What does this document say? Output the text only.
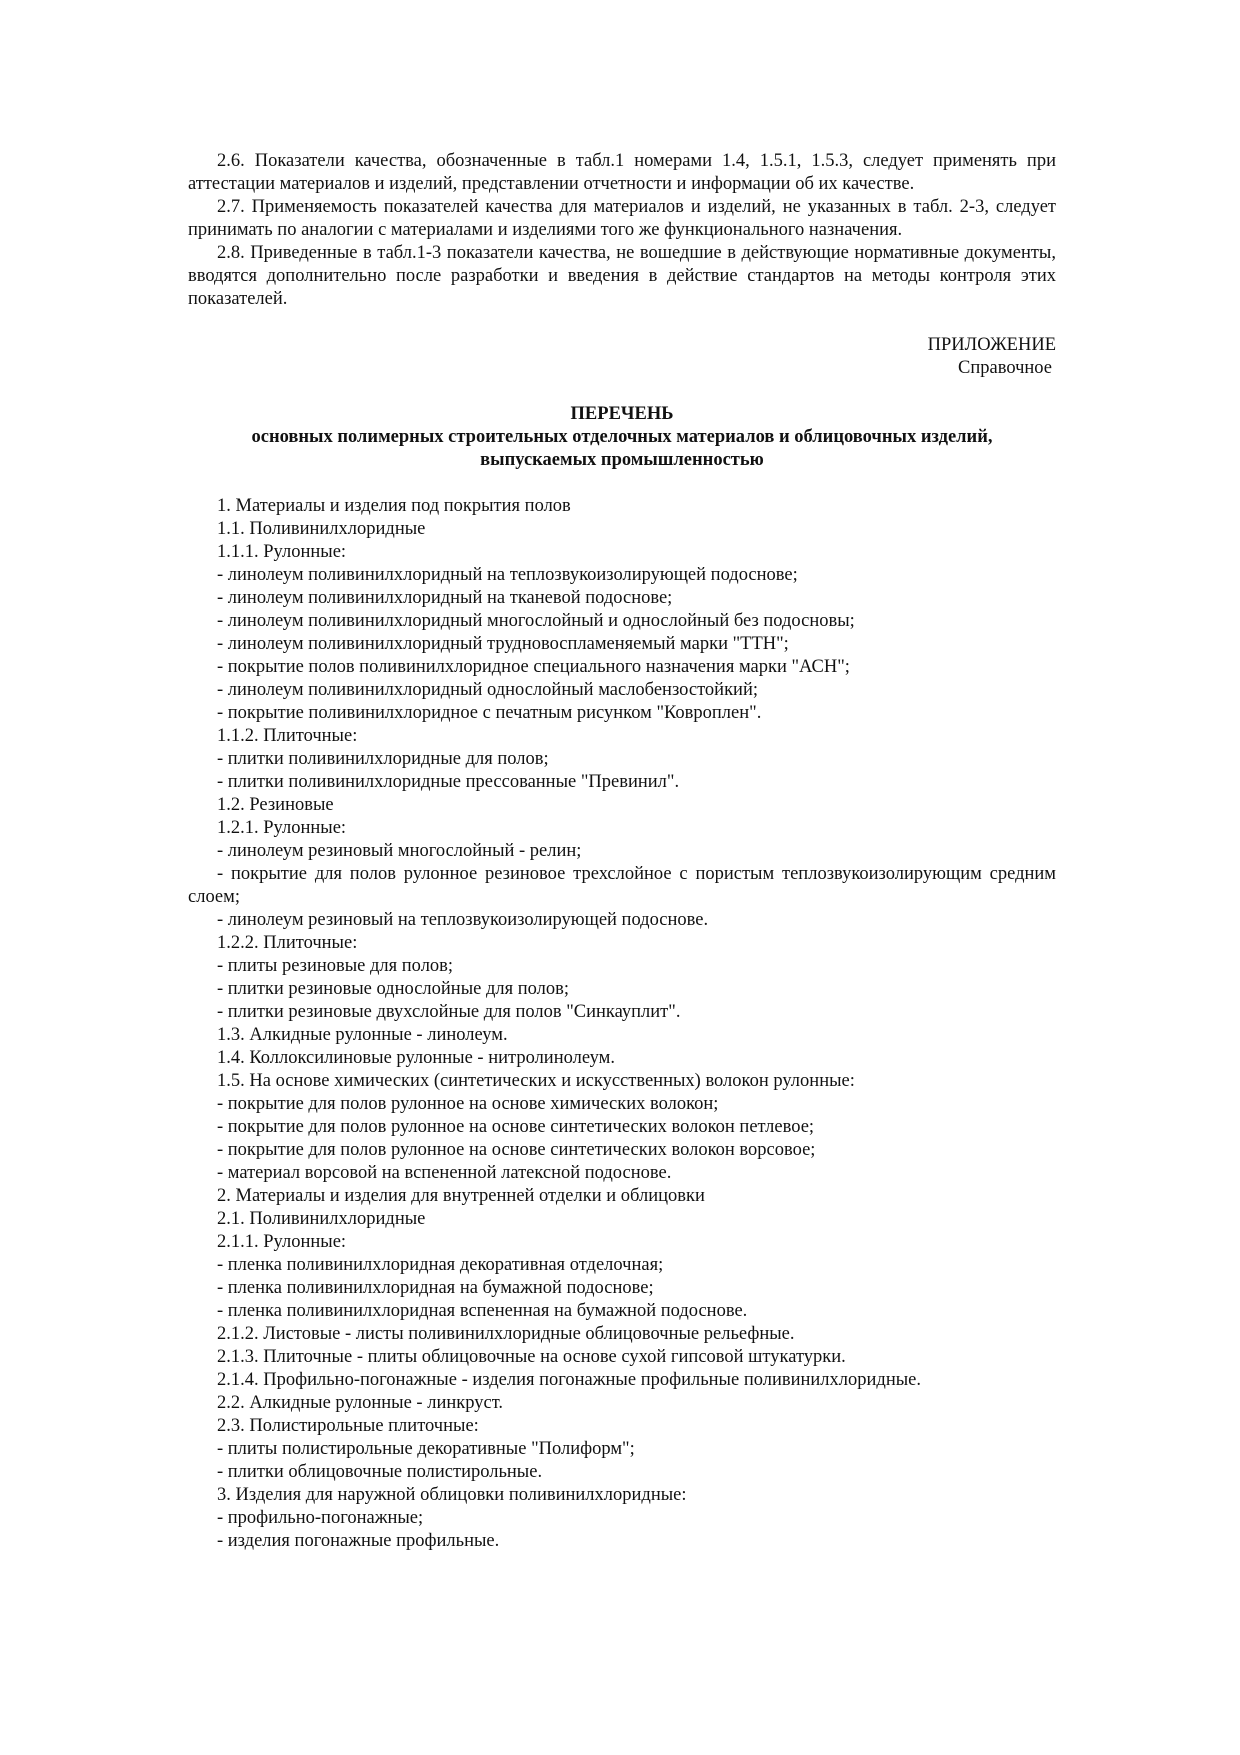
2.6. Показатели качества, обозначенные в табл.1 номерами 1.4, 1.5.1, 1.5.3, следует применять при аттестации материалов и изделий, представлении отчетности и информации об их качестве.

2.7. Применяемость показателей качества для материалов и изделий, не указанных в табл. 2-3, следует принимать по аналогии с материалами и изделиями того же функционального назначения.

2.8. Приведенные в табл.1-3 показатели качества, не вошедшие в действующие нормативные документы, вводятся дополнительно после разработки и введения в действие стандартов на методы контроля этих показателей.

ПРИЛОЖЕНИЕ
Справочное
ПЕРЕЧЕНЬ
основных полимерных строительных отделочных материалов и облицовочных изделий,
выпускаемых промышленностью

1. Материалы и изделия под покрытия полов

1.1. Поливинилхлоридные

1.1.1. Рулонные:

- линолеум поливинилхлоридный на теплозвукоизолирующей подоснове;

- линолеум поливинилхлоридный на тканевой подоснове;

- линолеум поливинилхлоридный многослойный и однослойный без подосновы;

- линолеум поливинилхлоридный трудновоспламеняемый марки "ТТН";

- покрытие полов поливинилхлоридное специального назначения марки "АСН";

- линолеум поливинилхлоридный однослойный маслобензостойкий;

- покрытие поливинилхлоридное с печатным рисунком "Ковроплен".

1.1.2. Плиточные:

- плитки поливинилхлоридные для полов;

- плитки поливинилхлоридные прессованные "Превинил".

1.2. Резиновые

1.2.1. Рулонные:

- линолеум резиновый многослойный - релин;

- покрытие для полов рулонное резиновое трехслойное с пористым теплозвукоизолирующим средним слоем;

- линолеум резиновый на теплозвукоизолирующей подоснове.

1.2.2. Плиточные:

- плиты резиновые для полов;

- плитки резиновые однослойные для полов;

- плитки резиновые двухслойные для полов "Синкауплит".

1.3. Алкидные рулонные - линолеум.

1.4. Коллоксилиновые рулонные - нитролинолеум.

1.5. На основе химических (синтетических и искусственных) волокон рулонные:

- покрытие для полов рулонное на основе химических волокон;

- покрытие для полов рулонное на основе синтетических волокон петлевое;

- покрытие для полов рулонное на основе синтетических волокон ворсовое;

- материал ворсовой на вспененной латексной подоснове.

2. Материалы и изделия для внутренней отделки и облицовки

2.1. Поливинилхлоридные

2.1.1. Рулонные:

- пленка поливинилхлоридная декоративная отделочная;

- пленка поливинилхлоридная на бумажной подоснове;

- пленка поливинилхлоридная вспененная на бумажной подоснове.

2.1.2. Листовые - листы поливинилхлоридные облицовочные рельефные.

2.1.3. Плиточные - плиты облицовочные на основе сухой гипсовой штукатурки.

2.1.4. Профильно-погонажные - изделия погонажные профильные поливинилхлоридные.

2.2. Алкидные рулонные - линкруст.

2.3. Полистирольные плиточные:

- плиты полистирольные декоративные "Полиформ";

- плитки облицовочные полистирольные.

3. Изделия для наружной облицовки поливинилхлоридные:

- профильно-погонажные;

- изделия погонажные профильные.
